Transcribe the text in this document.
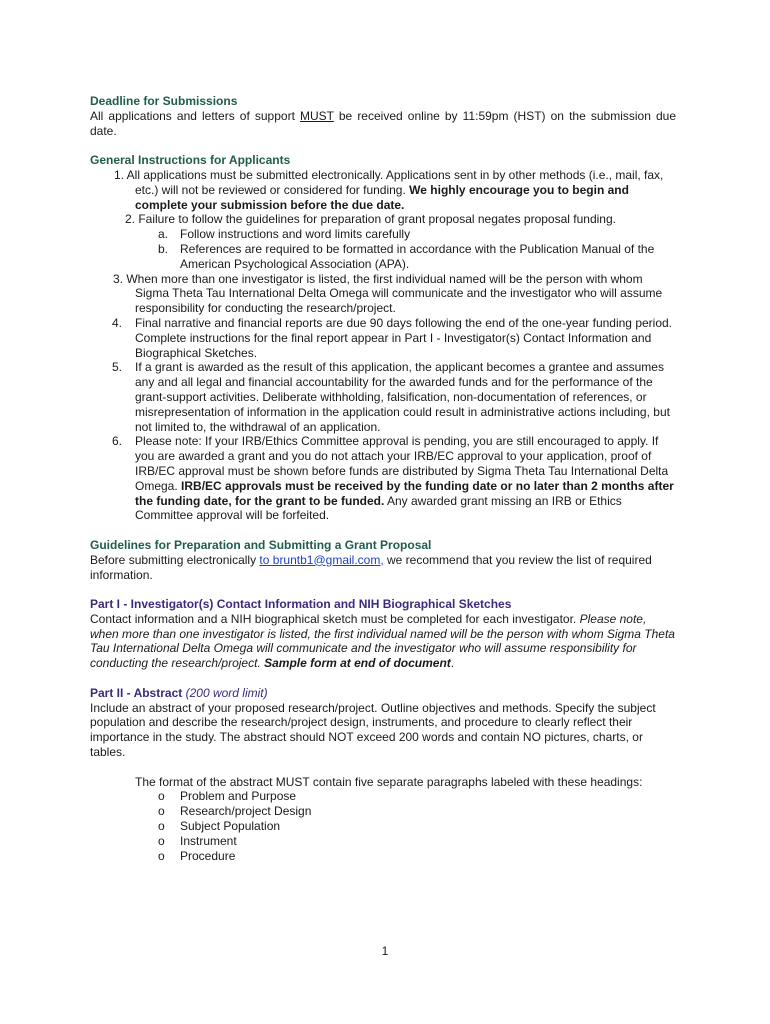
Deadline for Submissions

All applications and letters of support MUST be received online by 11:59pm (HST) on the submission due date.

General Instructions for Applicants

1. All applications must be submitted electronically. Applications sent in by other methods (i.e., mail, fax, etc.) will not be reviewed or considered for funding. We highly encourage you to begin and complete your submission before the due date.

2. Failure to follow the guidelines for preparation of grant proposal negates proposal funding.

a. Follow instructions and word limits carefully
b. References are required to be formatted in accordance with the Publication Manual of the American Psychological Association (APA).

3. When more than one investigator is listed, the first individual named will be the person with whom Sigma Theta Tau International Delta Omega will communicate and the investigator who will assume responsibility for conducting the research/project.

4. Final narrative and financial reports are due 90 days following the end of the one-year funding period. Complete instructions for the final report appear in Part I - Investigator(s) Contact Information and Biographical Sketches.
5. If a grant is awarded as the result of this application, the applicant becomes a grantee and assumes any and all legal and financial accountability for the awarded funds and for the performance of the grant-support activities. Deliberate withholding, falsification, non-documentation of references, or misrepresentation of information in the application could result in administrative actions including, but not limited to, the withdrawal of an application.
6. Please note: If your IRB/Ethics Committee approval is pending, you are still encouraged to apply. If you are awarded a grant and you do not attach your IRB/EC approval to your application, proof of IRB/EC approval must be shown before funds are distributed by Sigma Theta Tau International Delta Omega. IRB/EC approvals must be received by the funding date or no later than 2 months after the funding date, for the grant to be funded. Any awarded grant missing an IRB or Ethics Committee approval will be forfeited.
Guidelines for Preparation and Submitting a Grant Proposal

Before submitting electronically to bruntb1@gmail.com, we recommend that you review the list of required information.

Part I - Investigator(s) Contact Information and NIH Biographical Sketches

Contact information and a NIH biographical sketch must be completed for each investigator. Please note, when more than one investigator is listed, the first individual named will be the person with whom Sigma Theta Tau International Delta Omega will communicate and the investigator who will assume responsibility for conducting the research/project. Sample form at end of document.

Part II - Abstract (200 word limit)

Include an abstract of your proposed research/project. Outline objectives and methods. Specify the subject population and describe the research/project design, instruments, and procedure to clearly reflect their importance in the study. The abstract should NOT exceed 200 words and contain NO pictures, charts, or tables.

The format of the abstract MUST contain five separate paragraphs labeled with these headings:

o Problem and Purpose
o Research/project Design
o Subject Population
o Instrument
o Procedure
1
